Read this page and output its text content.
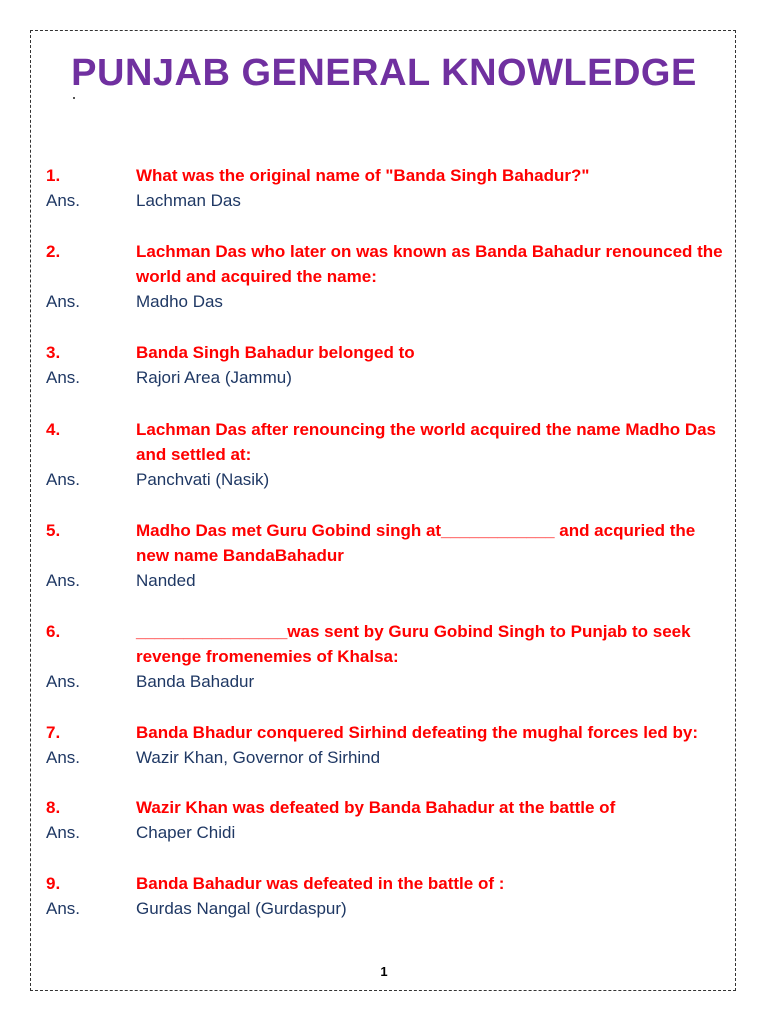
PUNJAB GENERAL KNOWLEDGE
1.	What was the original name of "Banda Singh Bahadur?"
Ans.	Lachman Das
2.	Lachman Das who later on was known as Banda Bahadur renounced the world and acquired the name:
Ans.	Madho Das
3.	Banda Singh Bahadur belonged to
Ans.	Rajori Area (Jammu)
4.	Lachman Das after renouncing the world acquired the name Madho Das and settled at:
Ans.	Panchvati (Nasik)
5.	Madho Das met Guru Gobind singh at____________ and acquried the new name BandaBahadur
Ans.	Nanded
6.	________________was sent by Guru Gobind Singh to Punjab to seek revenge fromenemies of Khalsa:
Ans.	Banda Bahadur
7.	Banda Bhadur conquered Sirhind defeating the mughal forces led by:
Ans.	Wazir Khan, Governor of Sirhind
8.	Wazir Khan was defeated by Banda Bahadur at the battle of
Ans.	Chaper Chidi
9.	Banda Bahadur was defeated in the battle of :
Ans.	Gurdas Nangal (Gurdaspur)
1
